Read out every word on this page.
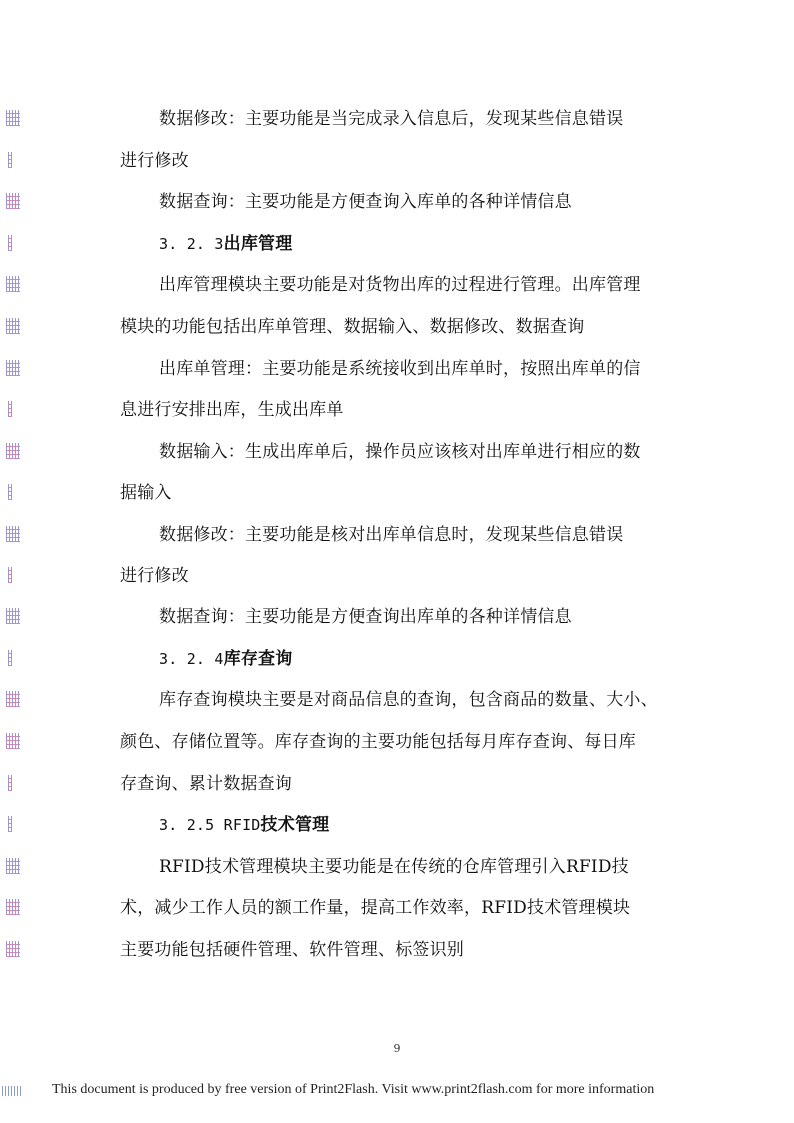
数据修改：主要功能是当完成录入信息后，发现某些信息错误
进行修改
数据查询：主要功能是方便查询入库单的各种详情信息
3. 2. 3出库管理
出库管理模块主要功能是对货物出库的过程进行管理。出库管理
模块的功能包括出库单管理、数据输入、数据修改、数据查询
出库单管理：主要功能是系统接收到出库单时，按照出库单的信
息进行安排出库，生成出库单
数据输入：生成出库单后，操作员应该核对出库单进行相应的数
据输入
数据修改：主要功能是核对出库单信息时，发现某些信息错误
进行修改
数据查询：主要功能是方便查询出库单的各种详情信息
3. 2. 4库存查询
库存查询模块主要是对商品信息的查询，包含商品的数量、大小、
颜色、存储位置等。库存查询的主要功能包括每月库存查询、每日库
存查询、累计数据查询
3. 2.5 RFID技术管理
RFID技术管理模块主要功能是在传统的仓库管理引入RFID技
术，减少工作人员的额工作量，提高工作效率，RFID技术管理模块
主要功能包括硬件管理、软件管理、标签识别
9
This document is produced by free version of Print2Flash. Visit www.print2flash.com for more information
